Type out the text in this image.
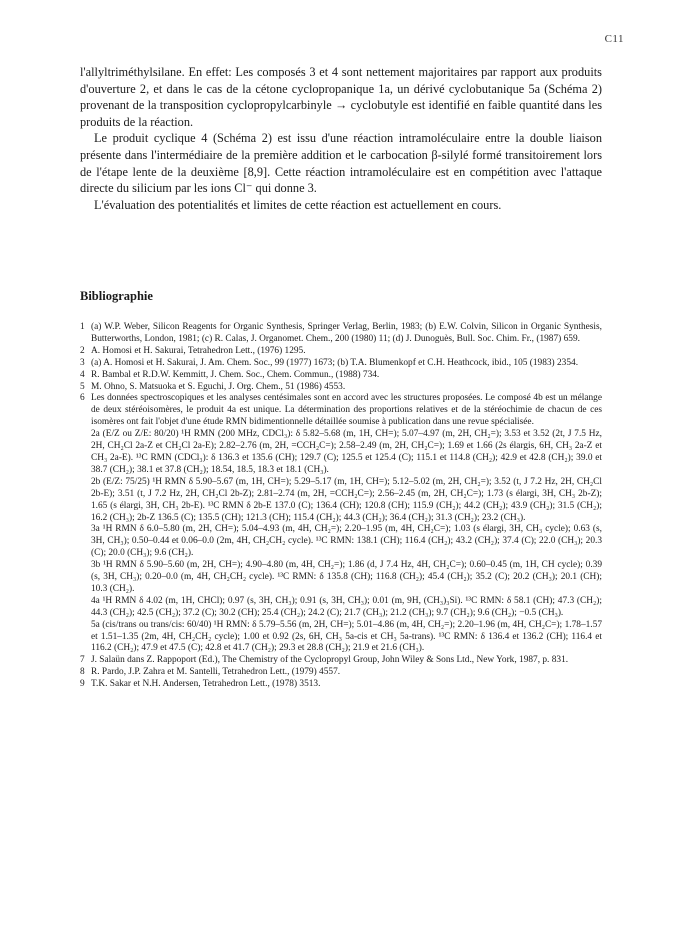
C11

l'allyltriméthylsilane. En effet: Les composés 3 et 4 sont nettement majoritaires par rapport aux produits d'ouverture 2, et dans le cas de la cétone cyclopropanique 1a, un dérivé cyclobutanique 5a (Schéma 2) provenant de la transposition cyclopropylcarbinyle → cyclobutyle est identifié en faible quantité dans les produits de la réaction.

Le produit cyclique 4 (Schéma 2) est issu d'une réaction intramoléculaire entre la double liaison présente dans l'intermédiaire de la première addition et le carbocation β-silylé formé transitoirement lors de l'étape lente de la deuxième [8,9]. Cette réaction intramoléculaire est en compétition avec l'attaque directe du silicium par les ions Cl⁻ qui donne 3.

L'évaluation des potentialités et limites de cette réaction est actuellement en cours.

Bibliographie
1 (a) W.P. Weber, Silicon Reagents for Organic Synthesis, Springer Verlag, Berlin, 1983; (b) E.W. Colvin, Silicon in Organic Synthesis, Butterworths, London, 1981; (c) R. Calas, J. Organomet. Chem., 200 (1980) 11; (d) J. Dunoguès, Bull. Soc. Chim. Fr., (1987) 659.

2 A. Homosi et H. Sakurai, Tetrahedron Lett., (1976) 1295.

3 (a) A. Homosi et H. Sakurai, J. Am. Chem. Soc., 99 (1977) 1673; (b) T.A. Blumenkopf et C.H. Heathcock, ibid., 105 (1983) 2354.

4 R. Bambal et R.D.W. Kemmitt, J. Chem. Soc., Chem. Commun., (1988) 734.

5 M. Ohno, S. Matsuoka et S. Eguchi, J. Org. Chem., 51 (1986) 4553.

6 Les données spectroscopiques et les analyses centésimales sont en accord avec les structures proposées. Le composé 4b est un mélange de deux stéréoisomères, le produit 4a est unique. La détermination des proportions relatives et de la stéréochimie de chacun de ces isomères ont fait l'objet d'une étude RMN bidimentionnelle détaillée soumise à publication dans une revue spécialisée.

2a (E/Z ou Z/E: 80/20) ¹H RMN (200 MHz, CDCl₃): δ 5.82–5.68 (m, 1H, CH=); 5.07–4.97 (m, 2H, CH₂=); 3.53 et 3.52 (2t, J 7.5 Hz, 2H, CH₂Cl 2a-Z et CH₂Cl 2a-E); 2.82–2.76 (m, 2H, =CCH₂C=); 2.58–2.49 (m, 2H, CH₂C=); 1.69 et 1.66 (2s élargis, 6H, CH₃ 2a-Z et CH₃ 2a-E). ¹³C RMN (CDCl₃): δ 136.3 et 135.6 (CH); 129.7 (C); 125.5 et 125.4 (C); 115.1 et 114.8 (CH₂); 42.9 et 42.8 (CH₂); 39.0 et 38.7 (CH₂); 38.1 et 37.8 (CH₂); 18.54, 18.5, 18.3 et 18.1 (CH₃).

2b (E/Z: 75/25) ¹H RMN δ 5.90–5.67 (m, 1H, CH=); 5.29–5.17 (m, 1H, CH=); 5.12–5.02 (m, 2H, CH₂=); 3.52 (t, J 7.2 Hz, 2H, CH₂Cl 2b-E); 3.51 (t, J 7.2 Hz, 2H, CH₂Cl 2b-Z); 2.81–2.74 (m, 2H, =CCH₂C=); 2.56–2.45 (m, 2H, CH₂C=); 1.73 (s élargi, 3H, CH₃ 2b-Z); 1.65 (s élargi, 3H, CH₃ 2b-E). ¹³C RMN δ 2b-E 137.0 (C); 136.4 (CH); 120.8 (CH); 115.9 (CH₂); 44.2 (CH₂); 43.9 (CH₂); 31.5 (CH₂); 16.2 (CH₃); 2b-Z 136.5 (C); 135.5 (CH); 121.3 (CH); 115.4 (CH₂); 44.3 (CH₂); 36.4 (CH₂); 31.3 (CH₂); 23.2 (CH₃).

3a ¹H RMN δ 6.0–5.80 (m, 2H, CH=); 5.04–4.93 (m, 4H, CH₂=); 2.20–1.95 (m, 4H, CH₂C=); 1.03 (s élargi, 3H, CH₃ cycle); 0.63 (s, 3H, CH₃); 0.50–0.44 et 0.06–0.0 (2m, 4H, CH₂CH₂ cycle). ¹³C RMN: 138.1 (CH); 116.4 (CH₂); 43.2 (CH₂); 37.4 (C); 22.0 (CH₃); 20.3 (C); 20.0 (CH₃); 9.6 (CH₂).

3b ¹H RMN δ 5.90–5.60 (m, 2H, CH=); 4.90–4.80 (m, 4H, CH₂=); 1.86 (d, J 7.4 Hz, 4H, CH₂C=); 0.60–0.45 (m, 1H, CH cycle); 0.39 (s, 3H, CH₃); 0.20–0.0 (m, 4H, CH₂CH₂ cycle). ¹³C RMN: δ 135.8 (CH); 116.8 (CH₂); 45.4 (CH₂); 35.2 (C); 20.2 (CH₃); 20.1 (CH); 10.3 (CH₂).

4a ¹H RMN δ 4.02 (m, 1H, CHCl); 0.97 (s, 3H, CH₃); 0.91 (s, 3H, CH₃); 0.01 (m, 9H, (CH₃)₃Si). ¹³C RMN: δ 58.1 (CH); 47.3 (CH₂); 44.3 (CH₂); 42.5 (CH₂); 37.2 (C); 30.2 (CH); 25.4 (CH₂); 24.2 (C); 21.7 (CH₃); 21.2 (CH₃); 9.7 (CH₂); 9.6 (CH₂); −0.5 (CH₃).

5a (cis/trans ou trans/cis: 60/40) ¹H RMN: δ 5.79–5.56 (m, 2H, CH=); 5.01–4.86 (m, 4H, CH₂=); 2.20–1.96 (m, 4H, CH₂C=); 1.78–1.57 et 1.51–1.35 (2m, 4H, CH₂CH₂ cycle); 1.00 et 0.92 (2s, 6H, CH₃ 5a-cis et CH₃ 5a-trans). ¹³C RMN: δ 136.4 et 136.2 (CH); 116.4 et 116.2 (CH₂); 47.9 et 47.5 (C); 42.8 et 41.7 (CH₂); 29.3 et 28.8 (CH₂); 21.9 et 21.6 (CH₃).

7 J. Salaün dans Z. Rappoport (Ed.), The Chemistry of the Cyclopropyl Group, John Wiley & Sons Ltd., New York, 1987, p. 831.

8 R. Pardo, J.P. Zahra et M. Santelli, Tetrahedron Lett., (1979) 4557.

9 T.K. Sakar et N.H. Andersen, Tetrahedron Lett., (1978) 3513.
